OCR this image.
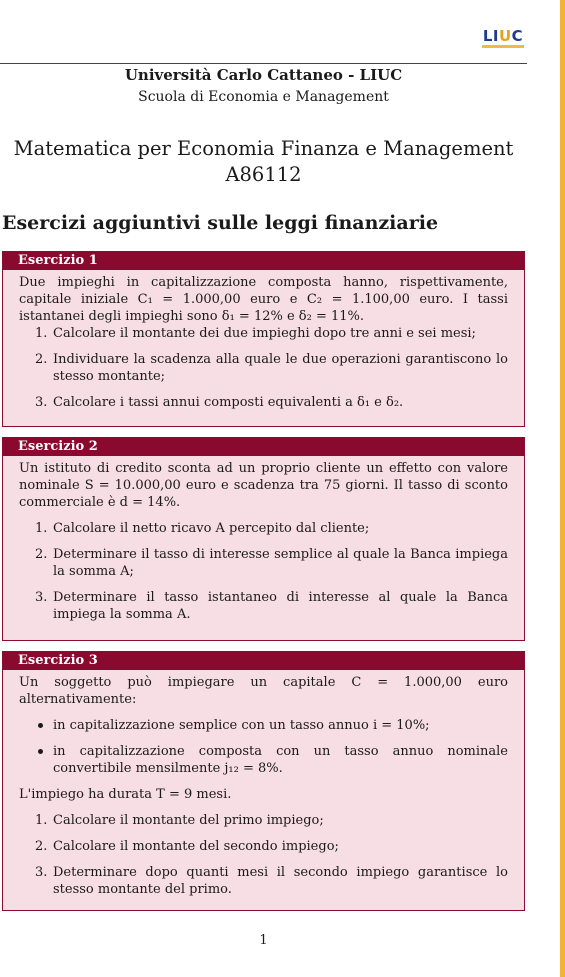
LIUC
Università Carlo Cattaneo - LIUC
Scuola di Economia e Management
Matematica per Economia Finanza e Management
A86112
Esercizi aggiuntivi sulle leggi finanziarie
Esercizio 1

Due impieghi in capitalizzazione composta hanno, rispettivamente, capitale iniziale C₁ = 1.000,00 euro e C₂ = 1.100,00 euro. I tassi istantanei degli impieghi sono δ₁ = 12% e δ₂ = 11%.

1. Calcolare il montante dei due impieghi dopo tre anni e sei mesi;
2. Individuare la scadenza alla quale le due operazioni garantiscono lo stesso montante;
3. Calcolare i tassi annui composti equivalenti a δ₁ e δ₂.
Esercizio 2

Un istituto di credito sconta ad un proprio cliente un effetto con valore nominale S = 10.000,00 euro e scadenza tra 75 giorni. Il tasso di sconto commerciale è d = 14%.

1. Calcolare il netto ricavo A percepito dal cliente;
2. Determinare il tasso di interesse semplice al quale la Banca impiega la somma A;
3. Determinare il tasso istantaneo di interesse al quale la Banca impiega la somma A.
Esercizio 3

Un soggetto può impiegare un capitale C = 1.000,00 euro alternativamente:

in capitalizzazione semplice con un tasso annuo i = 10%;
in capitalizzazione composta con un tasso annuo nominale convertibile mensilmente j₁₂ = 8%.

L'impiego ha durata T = 9 mesi.

1. Calcolare il montante del primo impiego;
2. Calcolare il montante del secondo impiego;
3. Determinare dopo quanti mesi il secondo impiego garantisce lo stesso montante del primo.
1
